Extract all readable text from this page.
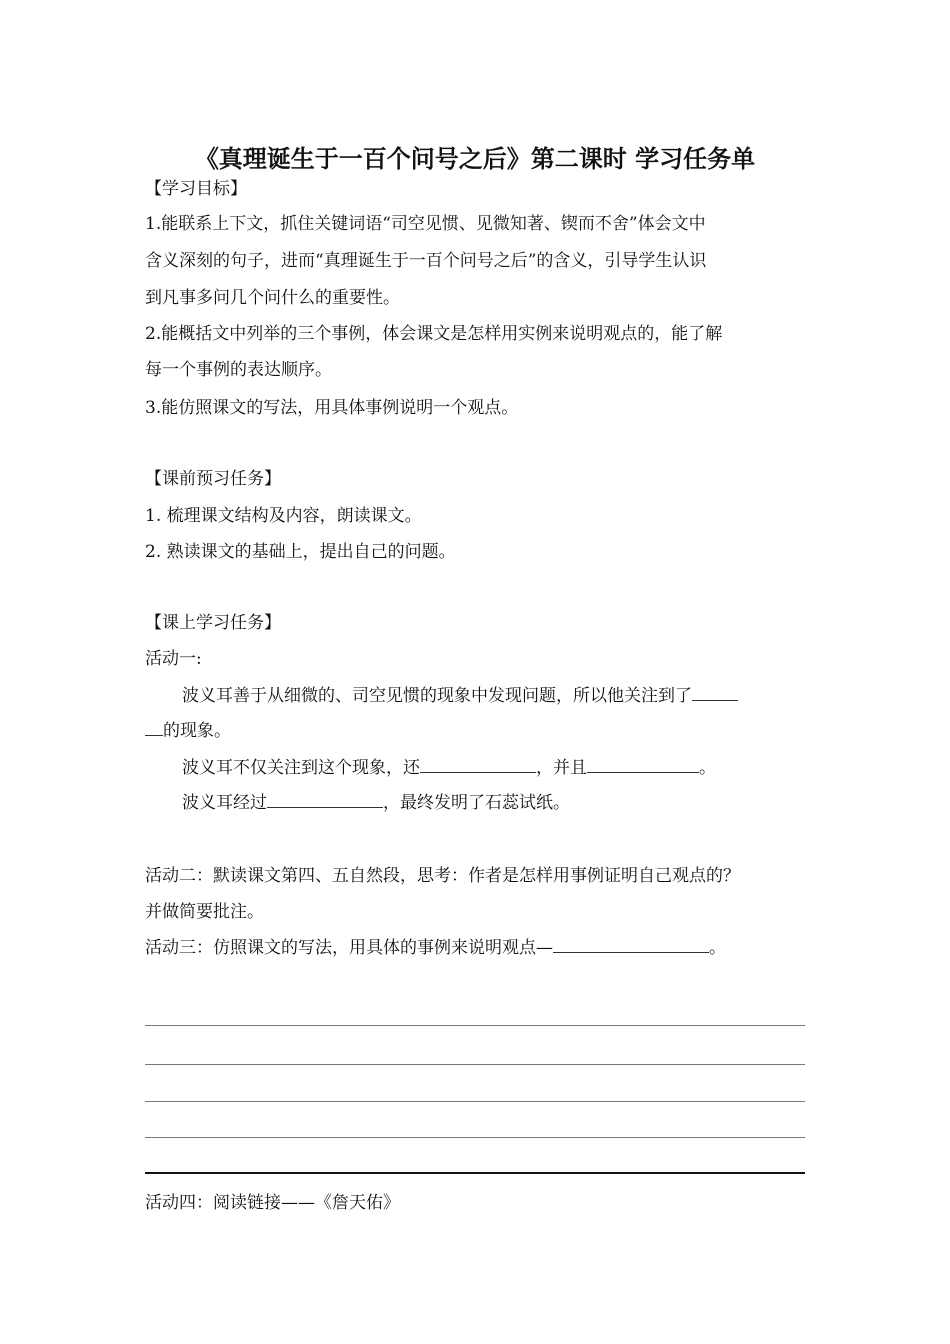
《真理诞生于一百个问号之后》第二课时 学习任务单
【学习目标】
1.能联系上下文，抓住关键词语“司空见惯、见微知著、锲而不舍”体会文中
含义深刻的句子，进而“真理诞生于一百个问号之后”的含义，引导学生认识
到凡事多问几个问什么的重要性。
2.能概括文中列举的三个事例，体会课文是怎样用实例来说明观点的，能了解
每一个事例的表达顺序。
3.能仿照课文的写法，用具体事例说明一个观点。
【课前预习任务】
1. 梳理课文结构及内容，朗读课文。
2. 熟读课文的基础上，提出自己的问题。
【课上学习任务】
活动一:
波义耳善于从细微的、司空见惯的现象中发现问题，所以他关注到了
的现象。
波义耳不仅关注到这个现象，还	，并且	。
波义耳经过	，最终发明了石蕊试纸。
活动二：默读课文第四、五自然段，思考：作者是怎样用事例证明自己观点的？
并做简要批注。
活动三：仿照课文的写法，用具体的事例来说明观点—	。
活动四：阅读链接——《詹天佑》
